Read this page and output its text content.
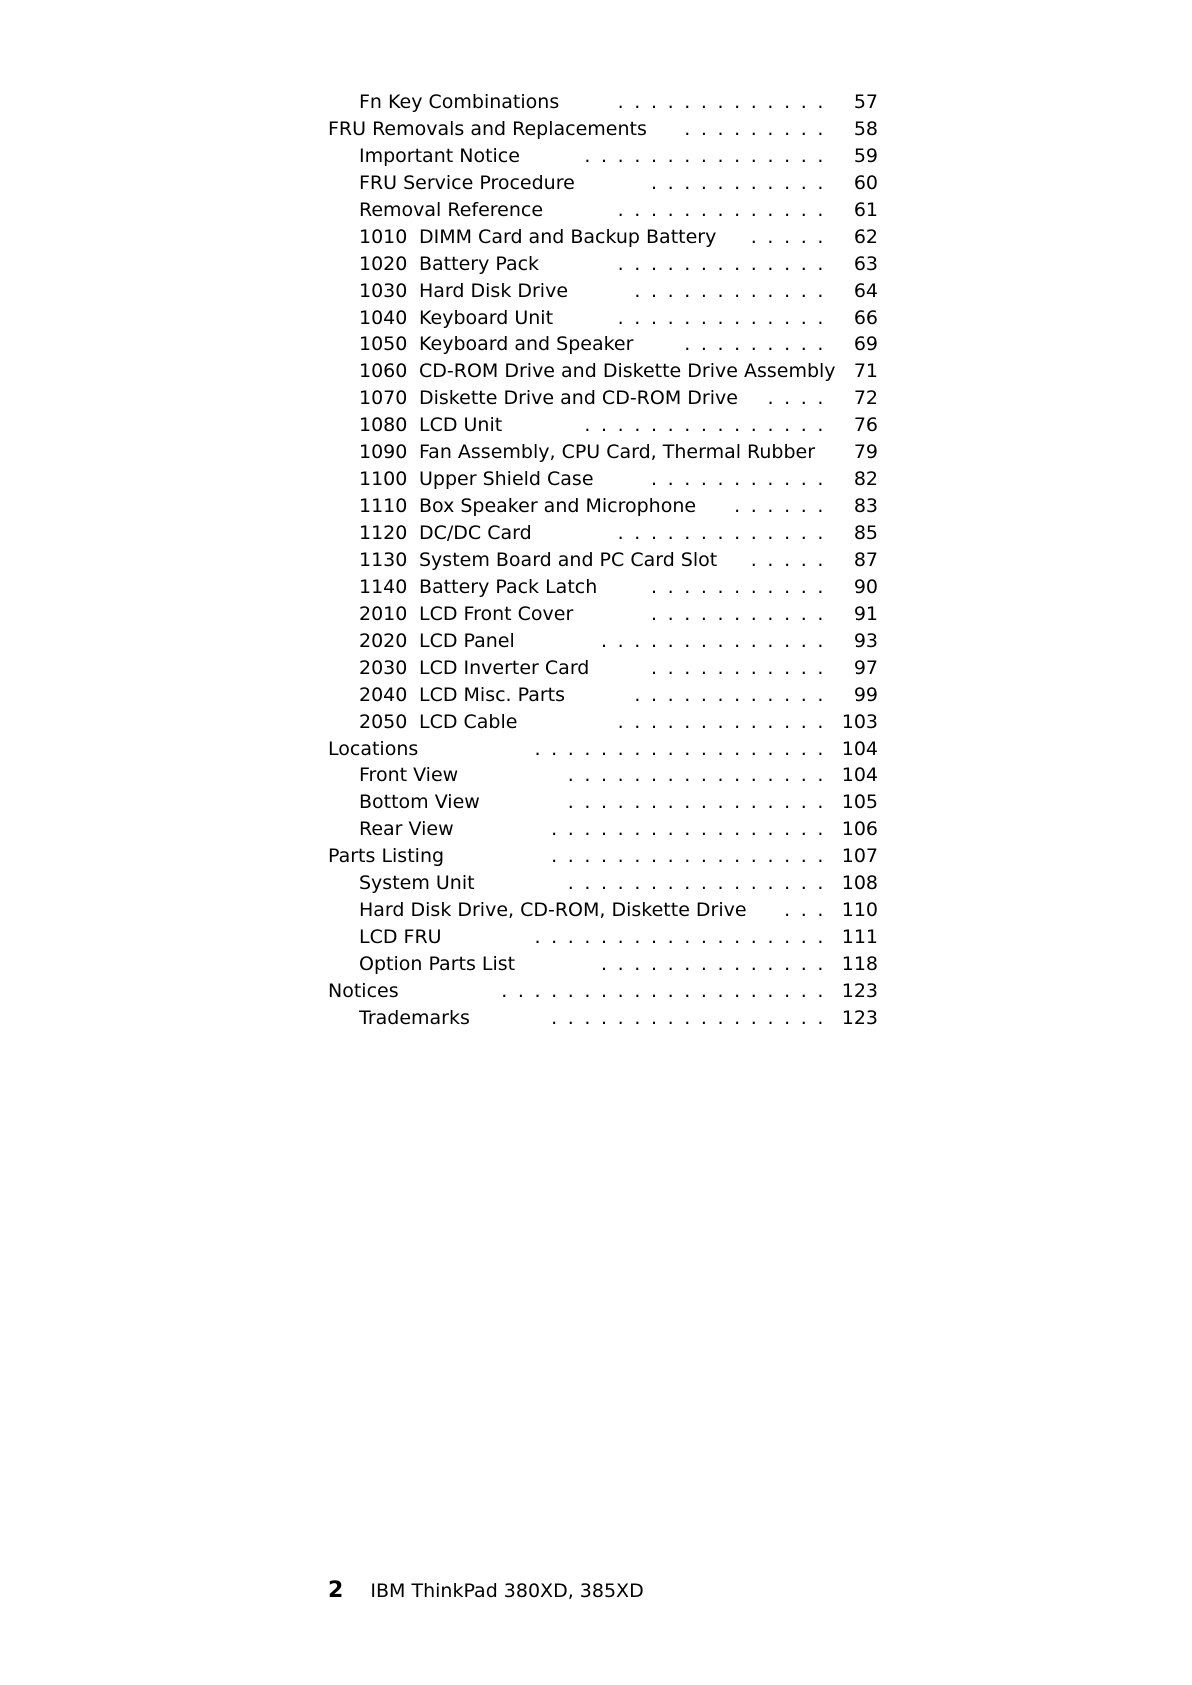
Fn Key Combinations	............. 57
FRU Removals and Replacements ......... 58
Important Notice	............... 59
FRU Service Procedure	........... 60
Removal Reference	............. 61
1010 DIMM Card and Backup Battery ..... 62
1020 Battery Pack	............. 63
1030 Hard Disk Drive	............ 64
1040 Keyboard Unit	............. 66
1050 Keyboard and Speaker	......... 69
1060 CD-ROM Drive and Diskette Drive Assembly 71
1070 Diskette Drive and CD-ROM Drive .... 72
1080 LCD Unit	............... 76
1090 Fan Assembly, CPU Card, Thermal Rubber 79
1100 Upper Shield Case	........... 82
1110 Box Speaker and Microphone ...... 83
1120 DC/DC Card	............. 85
1130 System Board and PC Card Slot ..... 87
1140 Battery Pack Latch	........... 90
2010 LCD Front Cover	........... 91
2020 LCD Panel	.............. 93
2030 LCD Inverter Card	........... 97
2040 LCD Misc. Parts	............ 99
2050 LCD Cable	............. 103
Locations	.................. 104
Front View	................ 104
Bottom View	................ 105
Rear View	................. 106
Parts Listing	................. 107
System Unit	................ 108
Hard Disk Drive, CD-ROM, Diskette Drive ... 110
LCD FRU	.................. 111
Option Parts List	.............. 118
Notices	.................... 123
Trademarks	................. 123
2 IBM ThinkPad 380XD, 385XD
